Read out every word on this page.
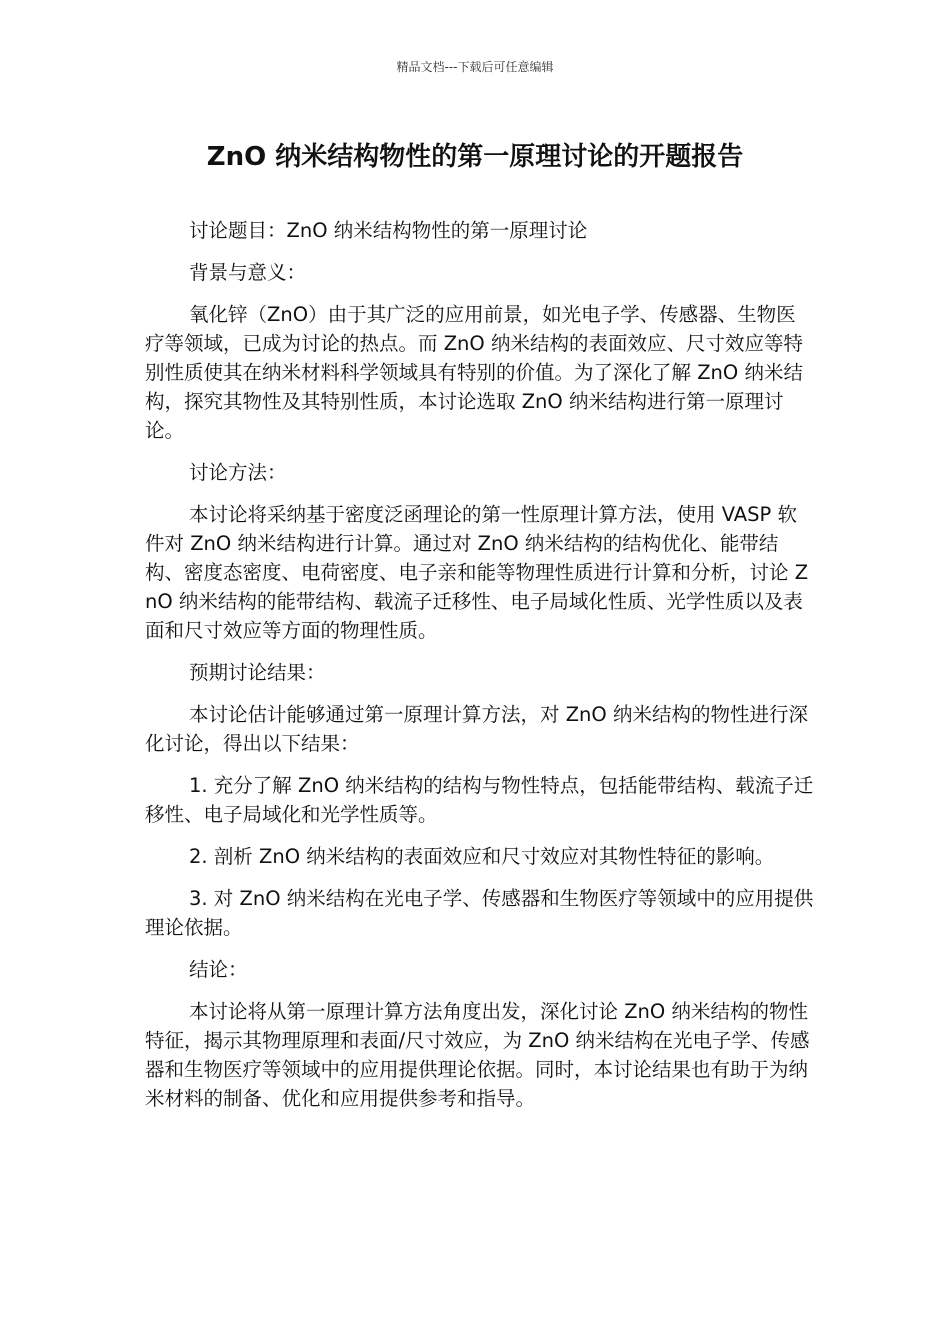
精品文档---下载后可任意编辑
ZnO 纳米结构物性的第一原理讨论的开题报告

讨论题目：ZnO 纳米结构物性的第一原理讨论

背景与意义：

氧化锌（ZnO）由于其广泛的应用前景，如光电子学、传感器、生物医疗等领域，已成为讨论的热点。而 ZnO 纳米结构的表面效应、尺寸效应等特别性质使其在纳米材料科学领域具有特别的价值。为了深化了解 ZnO 纳米结构，探究其物性及其特别性质，本讨论选取 ZnO 纳米结构进行第一原理讨论。

讨论方法：

本讨论将采纳基于密度泛函理论的第一性原理计算方法，使用 VASP 软件对 ZnO 纳米结构进行计算。通过对 ZnO 纳米结构的结构优化、能带结构、密度态密度、电荷密度、电子亲和能等物理性质进行计算和分析，讨论 ZnO 纳米结构的能带结构、载流子迁移性、电子局域化性质、光学性质以及表面和尺寸效应等方面的物理性质。

预期讨论结果：

本讨论估计能够通过第一原理计算方法，对 ZnO 纳米结构的物性进行深化讨论，得出以下结果：

1. 充分了解 ZnO 纳米结构的结构与物性特点，包括能带结构、载流子迁移性、电子局域化和光学性质等。

2. 剖析 ZnO 纳米结构的表面效应和尺寸效应对其物性特征的影响。

3. 对 ZnO 纳米结构在光电子学、传感器和生物医疗等领域中的应用提供理论依据。

结论：

本讨论将从第一原理计算方法角度出发，深化讨论 ZnO 纳米结构的物性特征，揭示其物理原理和表面/尺寸效应，为 ZnO 纳米结构在光电子学、传感器和生物医疗等领域中的应用提供理论依据。同时，本讨论结果也有助于为纳米材料的制备、优化和应用提供参考和指导。
